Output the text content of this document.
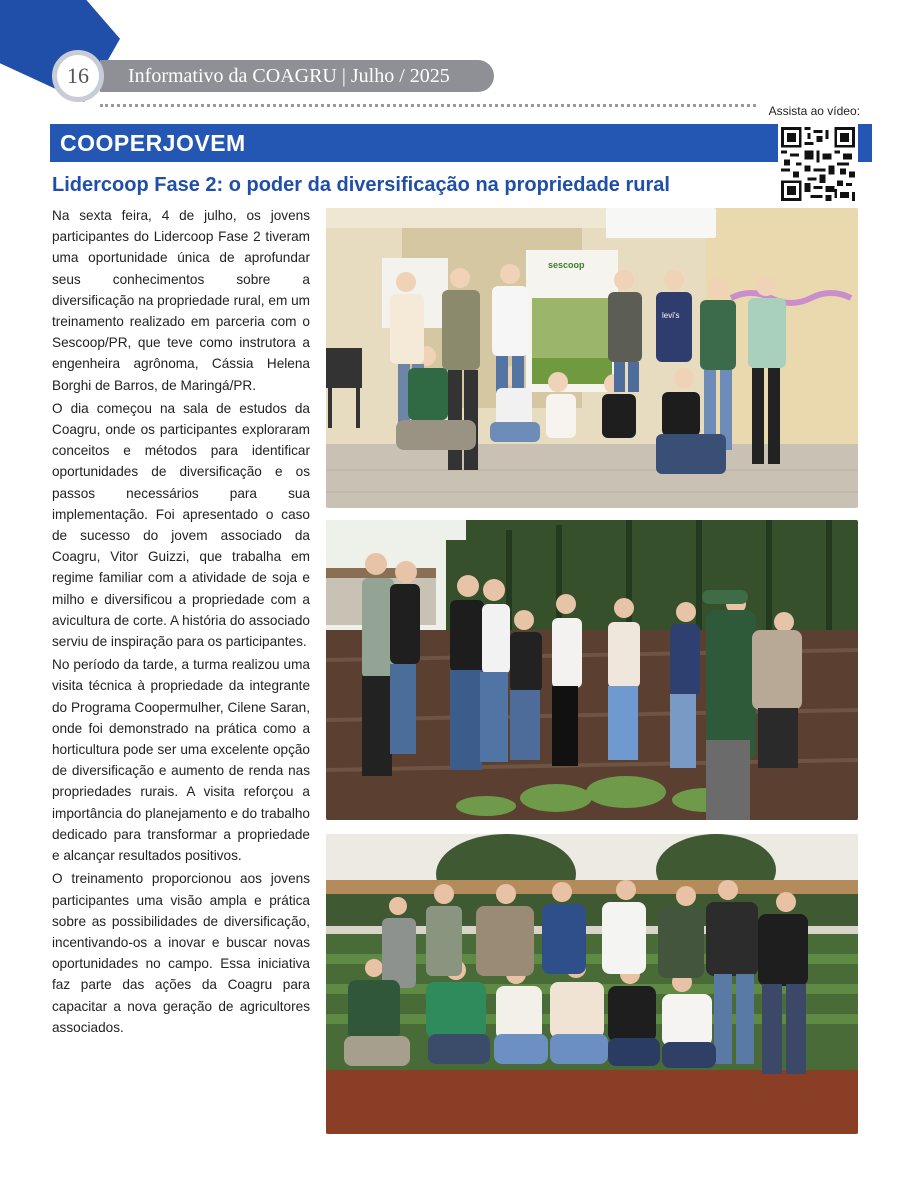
16	Informativo da COAGRU | Julho / 2025
Assista ao vídeo:
COOPERJOVEM
Lidercoop Fase 2: o poder da diversificação na propriedade rural

Na sexta feira, 4 de julho, os jovens participantes do Lidercoop Fase 2 tiveram uma oportunidade única de aprofundar seus conhecimentos sobre a diversificação na propriedade rural, em um treinamento realizado em parceria com o Sescoop/PR, que teve como instrutora a engenheira agrônoma, Cássia Helena Borghi de Barros, de Maringá/PR.

O dia começou na sala de estudos da Coagru, onde os participantes exploraram conceitos e métodos para identificar oportunidades de diversificação e os passos necessários para sua implementação. Foi apresentado o caso de sucesso do jovem associado da Coagru, Vitor Guizzi, que trabalha em regime familiar com a atividade de soja e milho e diversificou a propriedade com a avicultura de corte. A história do associado serviu de inspiração para os participantes.

No período da tarde, a turma realizou uma visita técnica à propriedade da integrante do Programa Coopermulher, Cilene Saran, onde foi demonstrado na prática como a horticultura pode ser uma excelente opção de diversificação e aumento de renda nas propriedades rurais. A visita reforçou a importância do planejamento e do trabalho dedicado para transformar a propriedade e alcançar resultados positivos.

O treinamento proporcionou aos jovens participantes uma visão ampla e prática sobre as possibilidades de diversificação, incentivando-os a inovar e buscar novas oportunidades no campo. Essa iniciativa faz parte das ações da Coagru para capacitar a nova geração de agricultores associados.

sescoop
levi's
